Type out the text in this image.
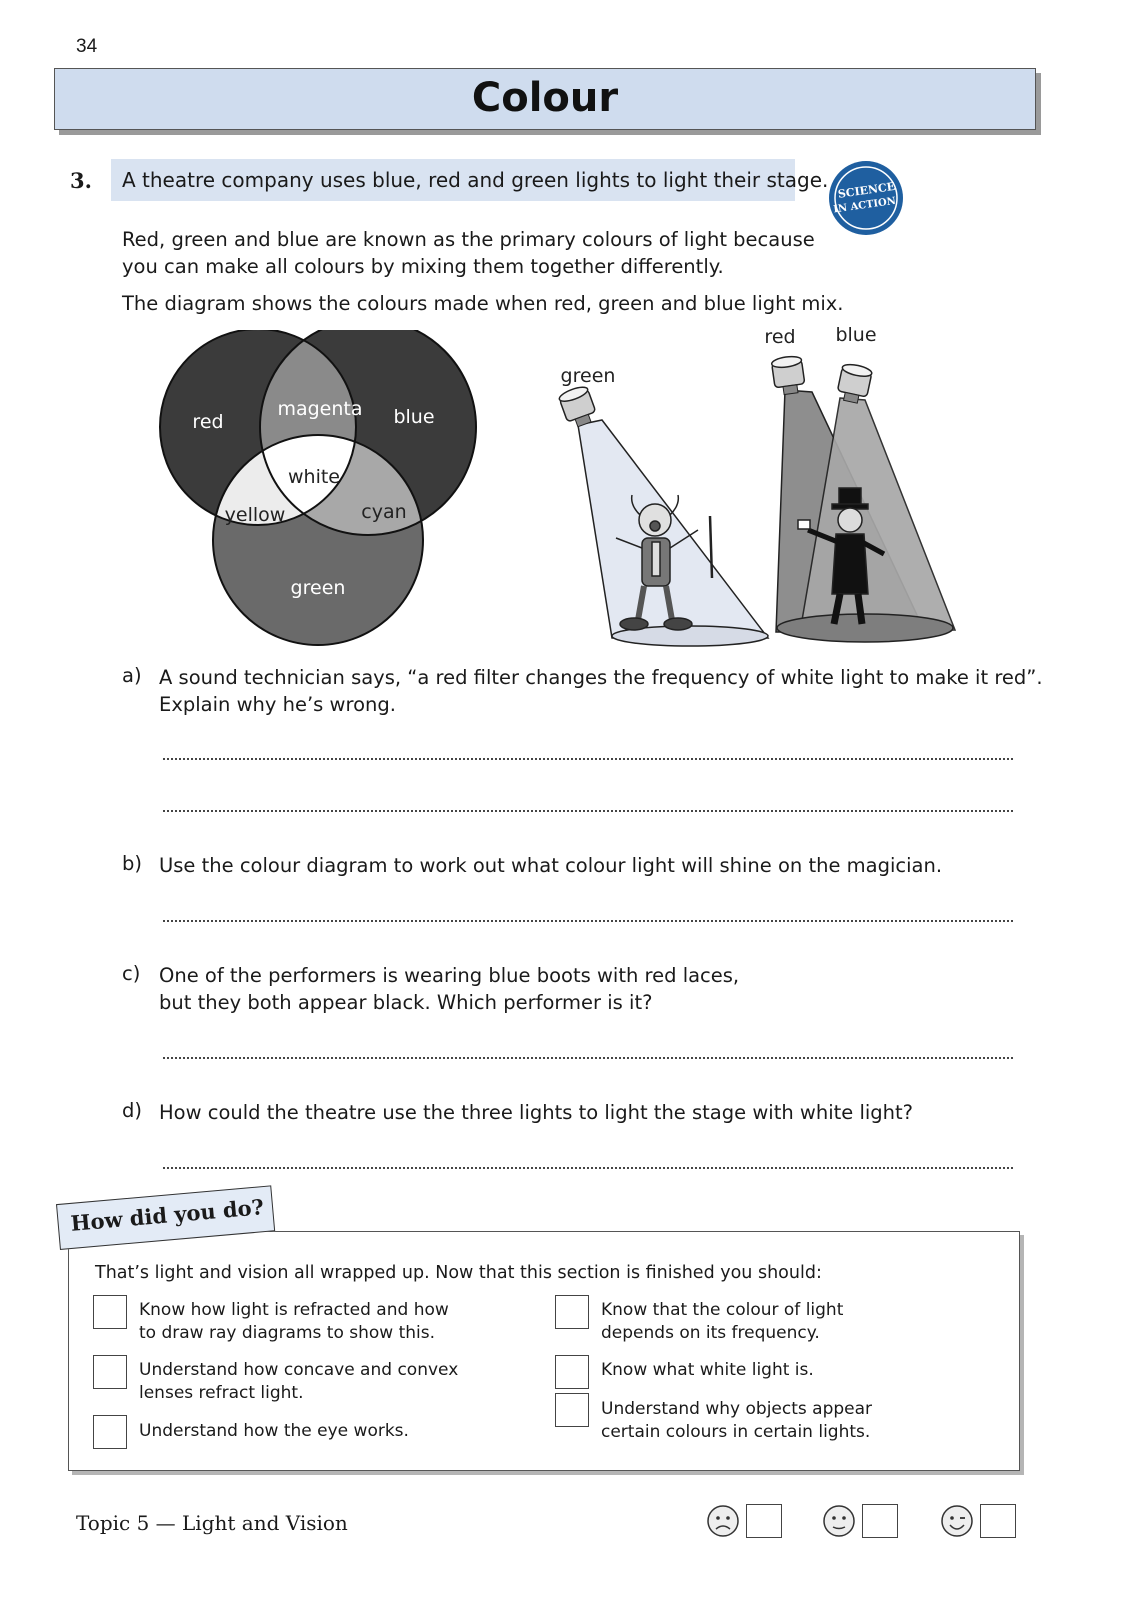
34
Colour
3. A theatre company uses blue, red and green lights to light their stage. SCIENCE
IN ACTION
Red, green and blue are known as the primary colours of light because
you can make all colours by mixing them together differently.
The diagram shows the colours made when red, green and blue light mix.
red
magenta blue
white
yellow	cyan
green
green
red blue
a) A sound technician says, “a red filter changes the frequency of white light to make it red”.
Explain why he’s wrong.
b) Use the colour diagram to work out what colour light will shine on the magician.
c) One of the performers is wearing blue boots with red laces,
but they both appear black. Which performer is it?
d) How could the theatre use the three lights to light the stage with white light?
That’s light and vision all wrapped up. Now that this section is finished you should:
Know how light is refracted and how
to draw ray diagrams to show this.
Understand how concave and convex
lenses refract light.
Understand how the eye works.
Know that the colour of light
depends on its frequency.
Know what white light is.
Understand why objects appear
certain colours in certain lights.
How did you do?
Topic 5 — Light and Vision
